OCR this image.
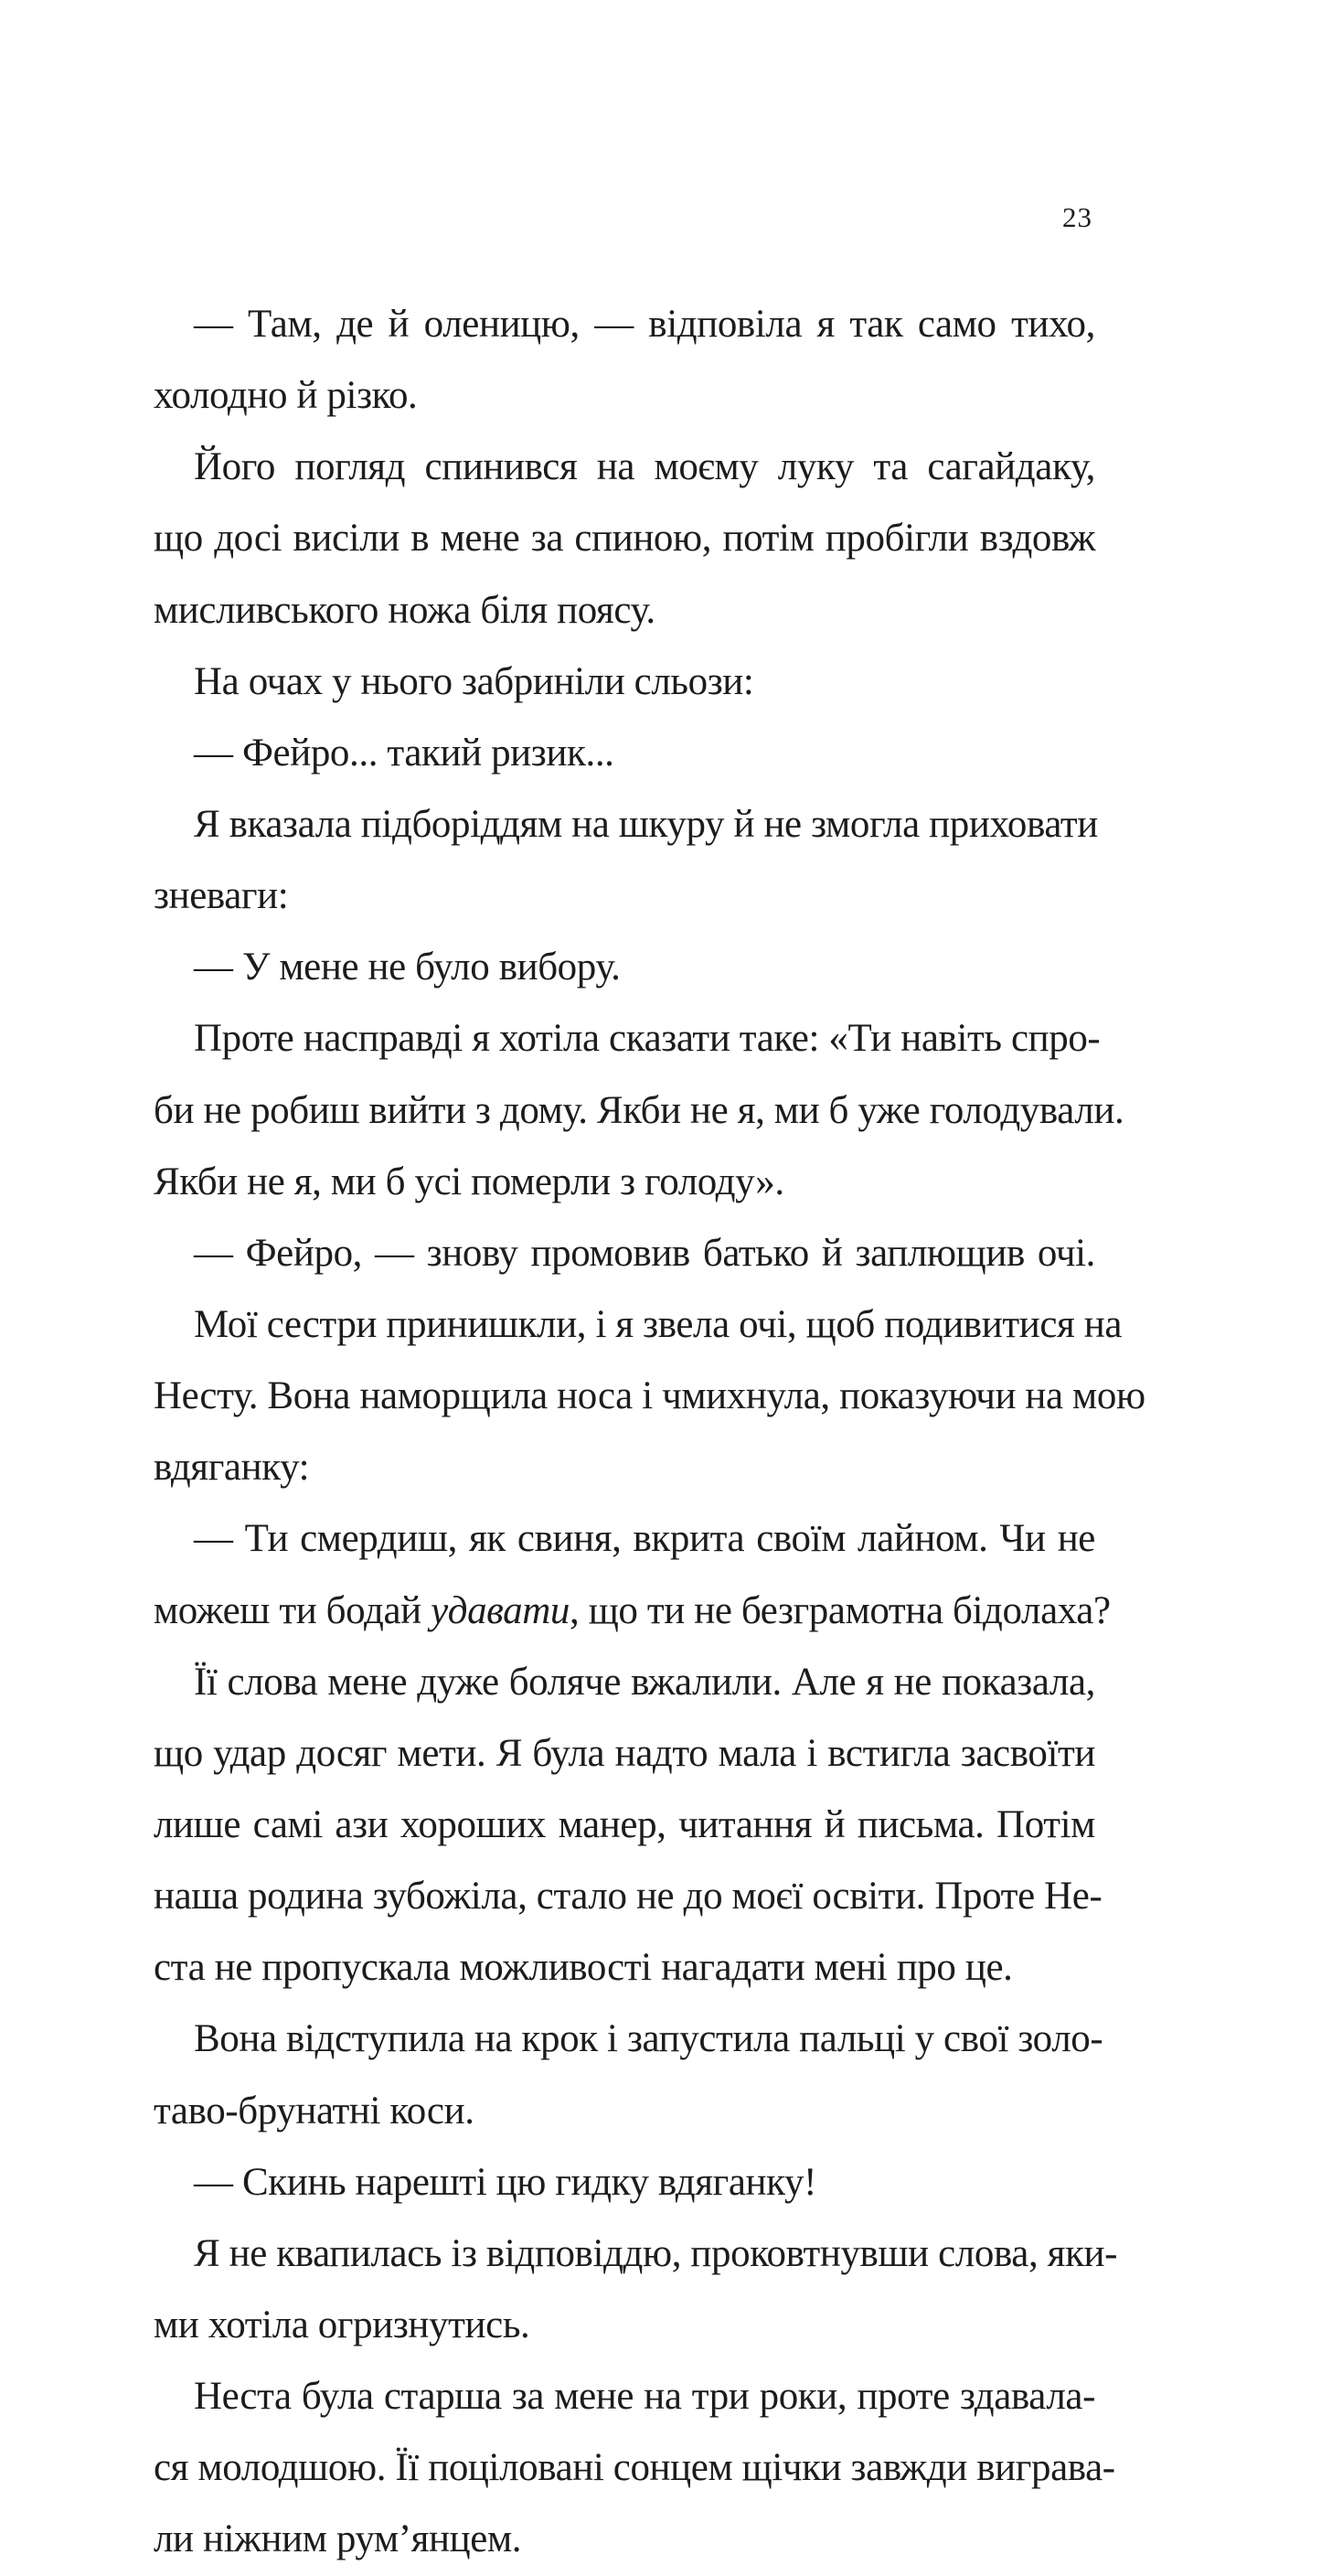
23
— Там, де й оленицю, — відповіла я так само тихо,
холодно й різко.
Його погляд спинився на моєму луку та сагайдаку,
що досі висіли в мене за спиною, потім пробігли вздовж
мисливського ножа біля поясу.
На очах у нього забриніли сльози:
— Фейро... такий ризик...
Я вказала підборіддям на шкуру й не змогла приховати
зневаги:
— У мене не було вибору.
Проте насправді я хотіла сказати таке: «Ти навіть спро-
би не робиш вийти з дому. Якби не я, ми б уже голодували.
Якби не я, ми б усі померли з голоду».
— Фейро, — знову промовив батько й заплющив очі.
Мої сестри принишкли, і я звела очі, щоб подивитися на
Несту. Вона наморщила носа і чмихнула, показуючи на мою
вдяганку:
— Ти смердиш, як свиня, вкрита своїм лайном. Чи не
можеш ти бодай удавати, що ти не безграмотна бідолаха?
Її слова мене дуже боляче вжалили. Але я не показала,
що удар досяг мети. Я була надто мала і встигла засвоїти
лише самі ази хороших манер, читання й письма. Потім
наша родина зубожіла, стало не до моєї освіти. Проте Не-
ста не пропускала можливості нагадати мені про це.
Вона відступила на крок і запустила пальці у свої золо-
таво-брунатні коси.
— Скинь нарешті цю гидку вдяганку!
Я не квапилась із відповіддю, проковтнувши слова, яки-
ми хотіла огризнутись.
Неста була старша за мене на три роки, проте здавала-
ся молодшою. Її поціловані сонцем щічки завжди вигрaва-
ли ніжним рум’янцем.
